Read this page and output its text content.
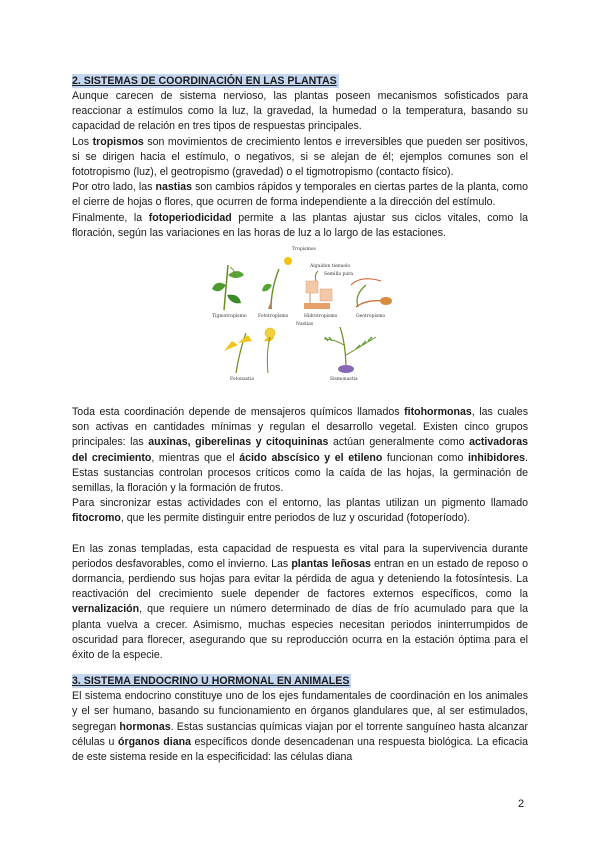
2. SISTEMAS DE COORDINACIÓN EN LAS PLANTAS

Aunque carecen de sistema nervioso, las plantas poseen mecanismos sofisticados para reaccionar a estímulos como la luz, la gravedad, la humedad o la temperatura, basando su capacidad de relación en tres tipos de respuestas principales.

Los tropismos son movimientos de crecimiento lentos e irreversibles que pueden ser positivos, si se dirigen hacia el estímulo, o negativos, si se alejan de él; ejemplos comunes son el fototropismo (luz), el geotropismo (gravedad) o el tigmotropismo (contacto físico).

Por otro lado, las nastias son cambios rápidos y temporales en ciertas partes de la planta, como el cierre de hojas o flores, que ocurren de forma independiente a la dirección del estímulo.

Finalmente, la fotoperiodicidad permite a las plantas ajustar sus ciclos vitales, como la floración, según las variaciones en las horas de luz a lo largo de las estaciones.

Tropismos
Tigmotropismo	Fototropismo
Alguidon tienaolo
Semilla pura
Hidrotropismo	Geotropismo
Nastias
Fotonastia	Sismonastia

Toda esta coordinación depende de mensajeros químicos llamados fitohormonas, las cuales son activas en cantidades mínimas y regulan el desarrollo vegetal. Existen cinco grupos principales: las auxinas, giberelinas y citoquininas actúan generalmente como activadoras del crecimiento, mientras que el ácido abscísico y el etileno funcionan como inhibidores. Estas sustancias controlan procesos críticos como la caída de las hojas, la germinación de semillas, la floración y la formación de frutos.

Para sincronizar estas actividades con el entorno, las plantas utilizan un pigmento llamado fitocromo, que les permite distinguir entre periodos de luz y oscuridad (fotoperíodo).

En las zonas templadas, esta capacidad de respuesta es vital para la supervivencia durante periodos desfavorables, como el invierno. Las plantas leñosas entran en un estado de reposo o dormancia, perdiendo sus hojas para evitar la pérdida de agua y deteniendo la fotosíntesis. La reactivación del crecimiento suele depender de factores externos específicos, como la vernalización, que requiere un número determinado de días de frío acumulado para que la planta vuelva a crecer. Asimismo, muchas especies necesitan periodos ininterrumpidos de oscuridad para florecer, asegurando que su reproducción ocurra en la estación óptima para el éxito de la especie.

3. SISTEMA ENDOCRINO U HORMONAL EN ANIMALES

El sistema endocrino constituye uno de los ejes fundamentales de coordinación en los animales y el ser humano, basando su funcionamiento en órganos glandulares que, al ser estimulados, segregan hormonas. Estas sustancias químicas viajan por el torrente sanguíneo hasta alcanzar células u órganos diana específicos donde desencadenan una respuesta biológica. La eficacia de este sistema reside en la especificidad: las células diana

2
